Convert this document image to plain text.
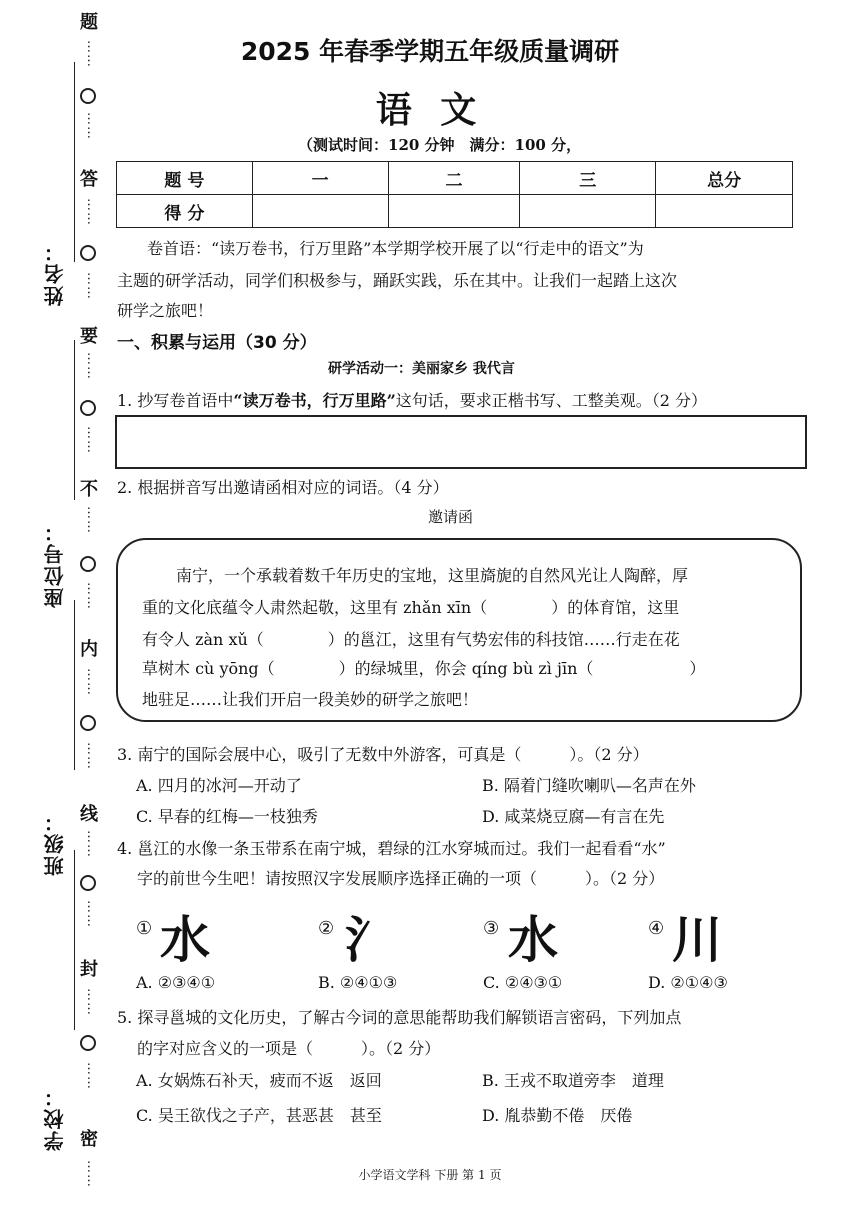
题
……
……
答
……
……
要
……
……
不
……
……
内
……
……
线
……
……
封
……
……
密
……
姓名：
座位号：
班级：
学校：
2025 年春季学期五年级质量调研
语 文
（测试时间：120 分钟　满分：100 分，
题 号	一	二	三	总分
得 分				
卷首语：“读万卷书，行万里路”本学期学校开展了以“行走中的语文”为
主题的研学活动，同学们积极参与，踊跃实践，乐在其中。让我们一起踏上这次
研学之旅吧！
一、积累与运用（30 分）
研学活动一：美丽家乡 我代言
1. 抄写卷首语中“读万卷书，行万里路”这句话，要求正楷书写、工整美观。（2 分）
2. 根据拼音写出邀请函相对应的词语。（4 分）
邀请函
南宁，一个承载着数千年历史的宝地，这里旖旎的自然风光让人陶醉，厚
重的文化底蕴令人肃然起敬，这里有 zhǎn xīn（　　　　）的体育馆，这里
有令人 zàn xǔ（　　　　）的邕江，这里有气势宏伟的科技馆……行走在花
草树木 cù yōng（　　　　）的绿城里，你会 qíng bù zì jīn（　　　　　　）
地驻足……让我们开启一段美妙的研学之旅吧！
3. 南宁的国际会展中心，吸引了无数中外游客，可真是（　　　）。（2 分）
A. 四月的冰河—开动了	B. 隔着门缝吹喇叭—名声在外
C. 早春的红梅—一枝独秀	D. 咸菜烧豆腐—有言在先
4. 邕江的水像一条玉带系在南宁城，碧绿的江水穿城而过。我们一起看看“水”
字的前世今生吧！请按照汉字发展顺序选择正确的一项（　　　）。（2 分）
① 水	② 氵	③ 水	④ 川
A. ②③④①	B. ②④①③	C. ②④③①	D. ②①④③
5. 探寻邕城的文化历史，了解古今词的意思能帮助我们解锁语言密码，下列加点
的字对应含义的一项是（　　　）。（2 分）
A. 女娲炼石补天，疲而不返　返回	B. 王戎不取道旁李　道理
C. 吴王欲伐之子产，甚恶甚　甚至	D. 胤恭勤不倦　厌倦
小学语文学科 下册 第 1 页
